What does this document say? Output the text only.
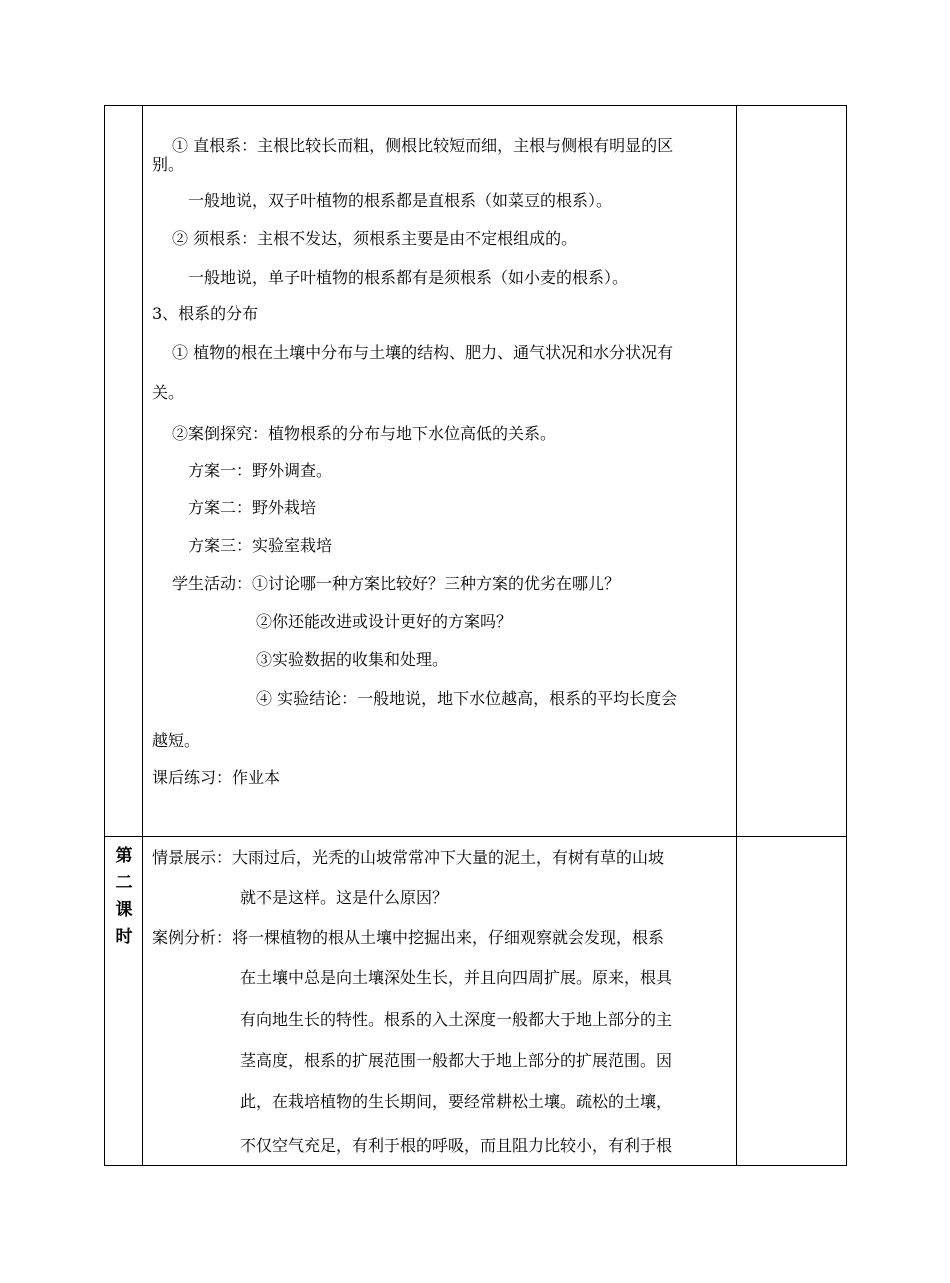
① 直根系：主根比较长而粗，侧根比较短而细，主根与侧根有明显的区
别。
一般地说，双子叶植物的根系都是直根系（如菜豆的根系）。
② 须根系：主根不发达，须根系主要是由不定根组成的。
一般地说，单子叶植物的根系都有是须根系（如小麦的根系）。
3、根系的分布
① 植物的根在土壤中分布与土壤的结构、肥力、通气状况和水分状况有
关。
②案倒探究：植物根系的分布与地下水位高低的关系。
方案一：野外调查。
方案二：野外栽培
方案三：实验室栽培
学生活动：①讨论哪一种方案比较好？三种方案的优劣在哪儿？
②你还能改进或设计更好的方案吗？
③实验数据的收集和处理。
④ 实验结论：一般地说，地下水位越高，根系的平均长度会
越短。
课后练习：作业本
第
二
课
时
情景展示：大雨过后，光秃的山坡常常冲下大量的泥土，有树有草的山坡
就不是这样。这是什么原因？
案例分析：将一棵植物的根从土壤中挖掘出来，仔细观察就会发现，根系
在土壤中总是向土壤深处生长，并且向四周扩展。原来，根具
有向地生长的特性。根系的入土深度一般都大于地上部分的主
茎高度，根系的扩展范围一般都大于地上部分的扩展范围。因
此，在栽培植物的生长期间，要经常耕松土壤。疏松的土壤，
不仅空气充足，有利于根的呼吸，而且阻力比较小，有利于根
